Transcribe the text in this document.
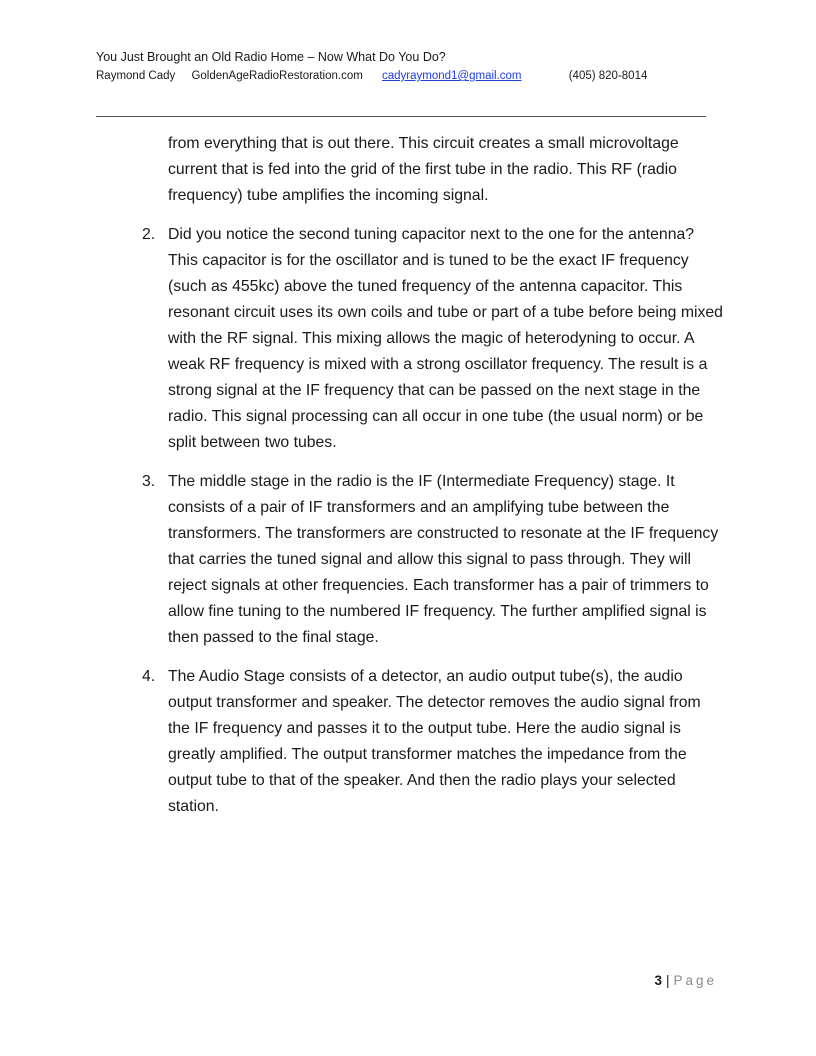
You Just Brought an Old Radio Home – Now What Do You Do?
Raymond Cady GoldenAgeRadioRestoration.com cadyraymond1@gmail.com	(405) 820-8014

from everything that is out there. This circuit creates a small microvoltage current that is fed into the grid of the first tube in the radio. This RF (radio frequency) tube amplifies the incoming signal.

2. Did you notice the second tuning capacitor next to the one for the antenna? This capacitor is for the oscillator and is tuned to be the exact IF frequency (such as 455kc) above the tuned frequency of the antenna capacitor. This resonant circuit uses its own coils and tube or part of a tube before being mixed with the RF signal. This mixing allows the magic of heterodyning to occur. A weak RF frequency is mixed with a strong oscillator frequency. The result is a strong signal at the IF frequency that can be passed on the next stage in the radio. This signal processing can all occur in one tube (the usual norm) or be split between two tubes.
3. The middle stage in the radio is the IF (Intermediate Frequency) stage. It consists of a pair of IF transformers and an amplifying tube between the transformers. The transformers are constructed to resonate at the IF frequency that carries the tuned signal and allow this signal to pass through. They will reject signals at other frequencies. Each transformer has a pair of trimmers to allow fine tuning to the numbered IF frequency. The further amplified signal is then passed to the final stage.
4. The Audio Stage consists of a detector, an audio output tube(s), the audio output transformer and speaker. The detector removes the audio signal from the IF frequency and passes it to the output tube. Here the audio signal is greatly amplified. The output transformer matches the impedance from the output tube to that of the speaker. And then the radio plays your selected station.
3 | Page
